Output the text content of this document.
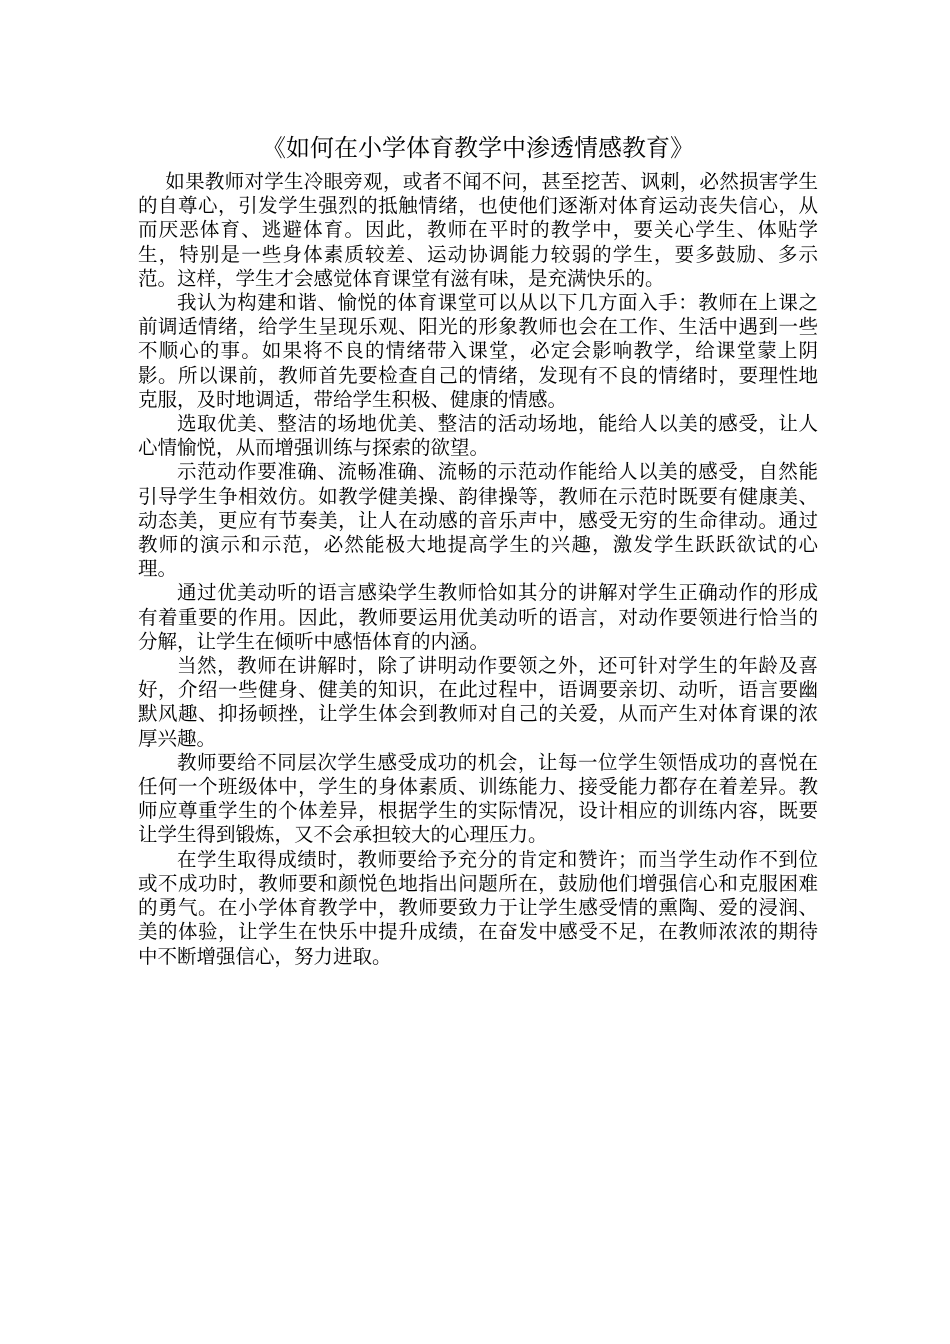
《如何在小学体育教学中渗透情感教育》

如果教师对学生冷眼旁观，或者不闻不问，甚至挖苦、讽刺，必然损害学生的自尊心，引发学生强烈的抵触情绪，也使他们逐渐对体育运动丧失信心，从而厌恶体育、逃避体育。因此，教师在平时的教学中，要关心学生、体贴学生，特别是一些身体素质较差、运动协调能力较弱的学生，要多鼓励、多示范。这样，学生才会感觉体育课堂有滋有味，是充满快乐的。

我认为构建和谐、愉悦的体育课堂可以从以下几方面入手：教师在上课之前调适情绪，给学生呈现乐观、阳光的形象教师也会在工作、生活中遇到一些不顺心的事。如果将不良的情绪带入课堂，必定会影响教学，给课堂蒙上阴影。所以课前，教师首先要检查自己的情绪，发现有不良的情绪时，要理性地克服，及时地调适，带给学生积极、健康的情感。

选取优美、整洁的场地优美、整洁的活动场地，能给人以美的感受，让人心情愉悦，从而增强训练与探索的欲望。

示范动作要准确、流畅准确、流畅的示范动作能给人以美的感受，自然能引导学生争相效仿。如教学健美操、韵律操等，教师在示范时既要有健康美、动态美，更应有节奏美，让人在动感的音乐声中，感受无穷的生命律动。通过教师的演示和示范，必然能极大地提高学生的兴趣，激发学生跃跃欲试的心理。

通过优美动听的语言感染学生教师恰如其分的讲解对学生正确动作的形成有着重要的作用。因此，教师要运用优美动听的语言，对动作要领进行恰当的分解，让学生在倾听中感悟体育的内涵。

当然，教师在讲解时，除了讲明动作要领之外，还可针对学生的年龄及喜好，介绍一些健身、健美的知识，在此过程中，语调要亲切、动听，语言要幽默风趣、抑扬顿挫，让学生体会到教师对自己的关爱，从而产生对体育课的浓厚兴趣。

教师要给不同层次学生感受成功的机会，让每一位学生领悟成功的喜悦在任何一个班级体中，学生的身体素质、训练能力、接受能力都存在着差异。教师应尊重学生的个体差异，根据学生的实际情况，设计相应的训练内容，既要让学生得到锻炼，又不会承担较大的心理压力。

在学生取得成绩时，教师要给予充分的肯定和赞许；而当学生动作不到位或不成功时，教师要和颜悦色地指出问题所在，鼓励他们增强信心和克服困难的勇气。在小学体育教学中，教师要致力于让学生感受情的熏陶、爱的浸润、美的体验，让学生在快乐中提升成绩，在奋发中感受不足，在教师浓浓的期待中不断增强信心，努力进取。
